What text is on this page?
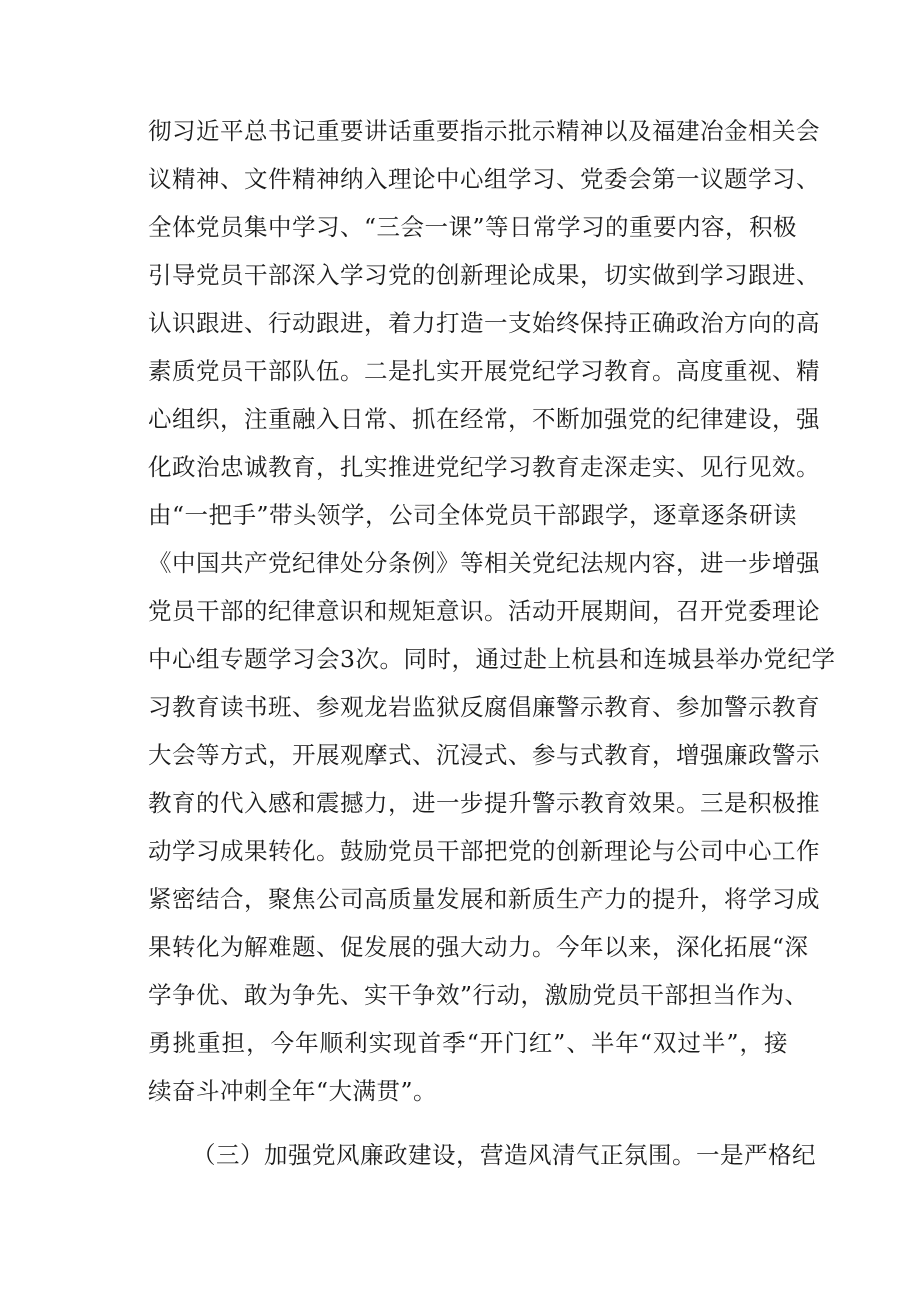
彻习近平总书记重要讲话重要指示批示精神以及福建冶金相关会
议精神、文件精神纳入理论中心组学习、党委会第一议题学习、
全体党员集中学习、“三会一课”等日常学习的重要内容，积极
引导党员干部深入学习党的创新理论成果，切实做到学习跟进、
认识跟进、行动跟进，着力打造一支始终保持正确政治方向的高
素质党员干部队伍。二是扎实开展党纪学习教育。高度重视、精
心组织，注重融入日常、抓在经常，不断加强党的纪律建设，强
化政治忠诚教育，扎实推进党纪学习教育走深走实、见行见效。
由“一把手”带头领学，公司全体党员干部跟学，逐章逐条研读
《中国共产党纪律处分条例》等相关党纪法规内容，进一步增强
党员干部的纪律意识和规矩意识。活动开展期间，召开党委理论
中心组专题学习会3次。同时，通过赴上杭县和连城县举办党纪学
习教育读书班、参观龙岩监狱反腐倡廉警示教育、参加警示教育
大会等方式，开展观摩式、沉浸式、参与式教育，增强廉政警示
教育的代入感和震撼力，进一步提升警示教育效果。三是积极推
动学习成果转化。鼓励党员干部把党的创新理论与公司中心工作
紧密结合，聚焦公司高质量发展和新质生产力的提升，将学习成
果转化为解难题、促发展的强大动力。今年以来，深化拓展“深
学争优、敢为争先、实干争效”行动，激励党员干部担当作为、
勇挑重担，今年顺利实现首季“开门红”、半年“双过半”，接
续奋斗冲刺全年“大满贯”。
（三）加强党风廉政建设，营造风清气正氛围。一是严格纪
